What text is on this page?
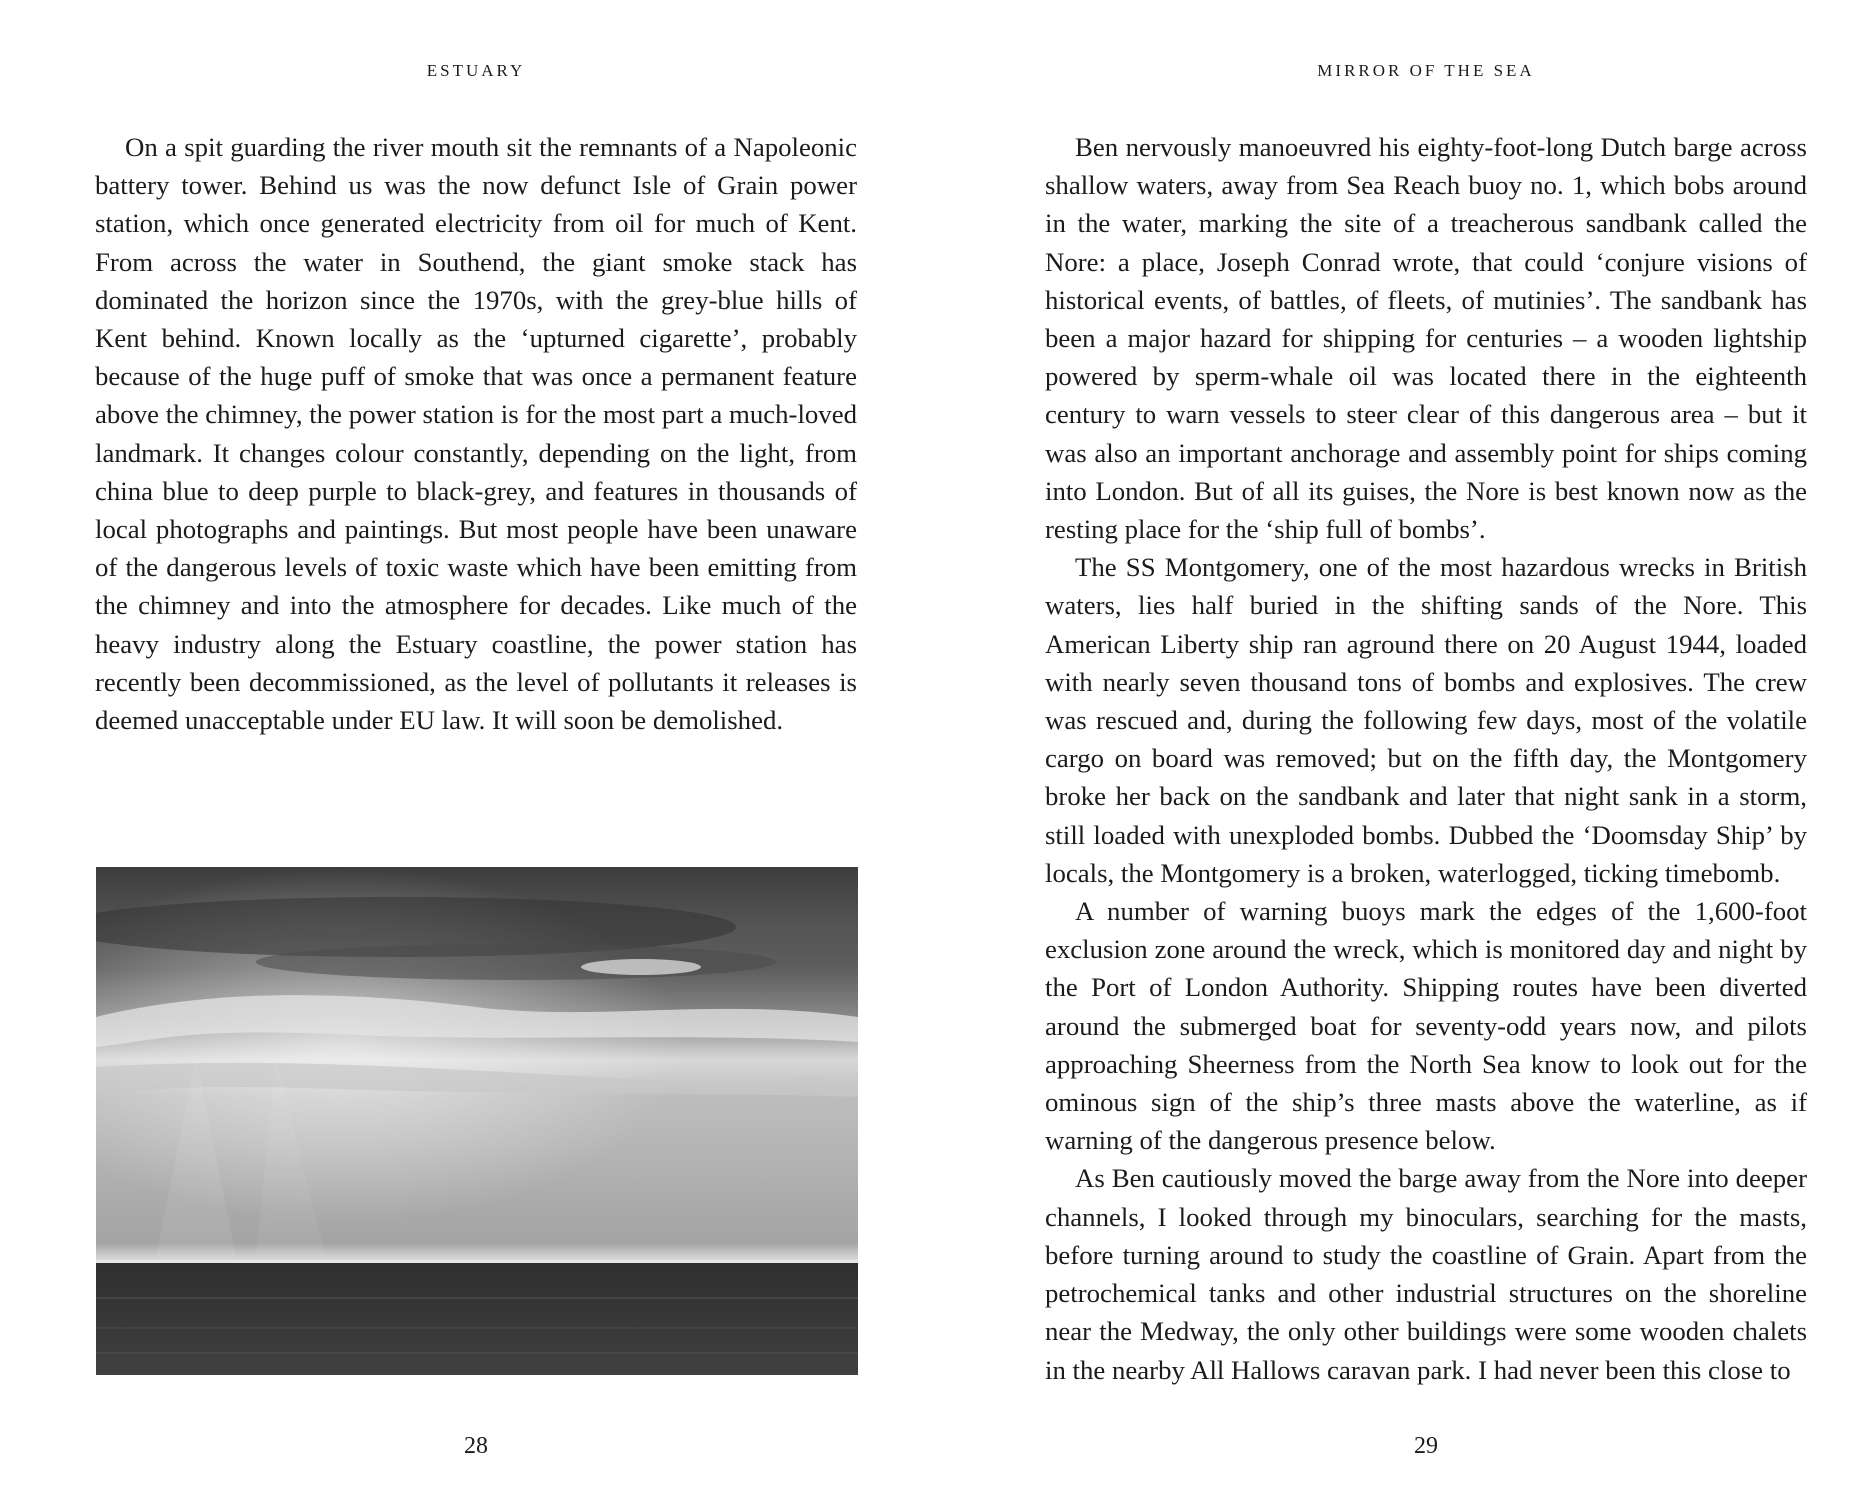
ESTUARY

On a spit guarding the river mouth sit the remnants of a Napoleonic battery tower. Behind us was the now defunct Isle of Grain power station, which once generated electricity from oil for much of Kent. From across the water in Southend, the giant smoke stack has dominated the horizon since the 1970s, with the grey-blue hills of Kent behind. Known locally as the ‘upturned cigarette’, probably because of the huge puff of smoke that was once a permanent feature above the chimney, the power station is for the most part a much-loved landmark. It changes colour constantly, depending on the light, from china blue to deep purple to black-grey, and features in thousands of local photographs and paintings. But most people have been unaware of the dangerous levels of toxic waste which have been emitting from the chimney and into the atmosphere for decades. Like much of the heavy industry along the Estuary coastline, the power station has recently been decommissioned, as the level of pollutants it releases is deemed unacceptable under EU law. It will soon be demolished.

28
MIRROR OF THE SEA

Ben nervously manoeuvred his eighty-foot-long Dutch barge across shallow waters, away from Sea Reach buoy no. 1, which bobs around in the water, marking the site of a treacherous sandbank called the Nore: a place, Joseph Conrad wrote, that could ‘conjure visions of historical events, of battles, of fleets, of mutinies’. The sandbank has been a major hazard for shipping for centuries – a wooden lightship powered by sperm-whale oil was located there in the eighteenth century to warn vessels to steer clear of this dangerous area – but it was also an important anchorage and assembly point for ships coming into London. But of all its guises, the Nore is best known now as the resting place for the ‘ship full of bombs’.

The SS Montgomery, one of the most hazardous wrecks in British waters, lies half buried in the shifting sands of the Nore. This American Liberty ship ran aground there on 20 August 1944, loaded with nearly seven thousand tons of bombs and explosives. The crew was rescued and, during the following few days, most of the volatile cargo on board was removed; but on the fifth day, the Montgomery broke her back on the sandbank and later that night sank in a storm, still loaded with unexploded bombs. Dubbed the ‘Doomsday Ship’ by locals, the Montgomery is a broken, waterlogged, ticking timebomb.

A number of warning buoys mark the edges of the 1,600-foot exclusion zone around the wreck, which is monitored day and night by the Port of London Authority. Shipping routes have been diverted around the submerged boat for seventy-odd years now, and pilots approaching Sheerness from the North Sea know to look out for the ominous sign of the ship’s three masts above the waterline, as if warning of the dangerous presence below.

As Ben cautiously moved the barge away from the Nore into deeper channels, I looked through my binoculars, searching for the masts, before turning around to study the coastline of Grain. Apart from the petrochemical tanks and other industrial structures on the shoreline near the Medway, the only other buildings were some wooden chalets in the nearby All Hallows caravan park. I had never been this close to

29
